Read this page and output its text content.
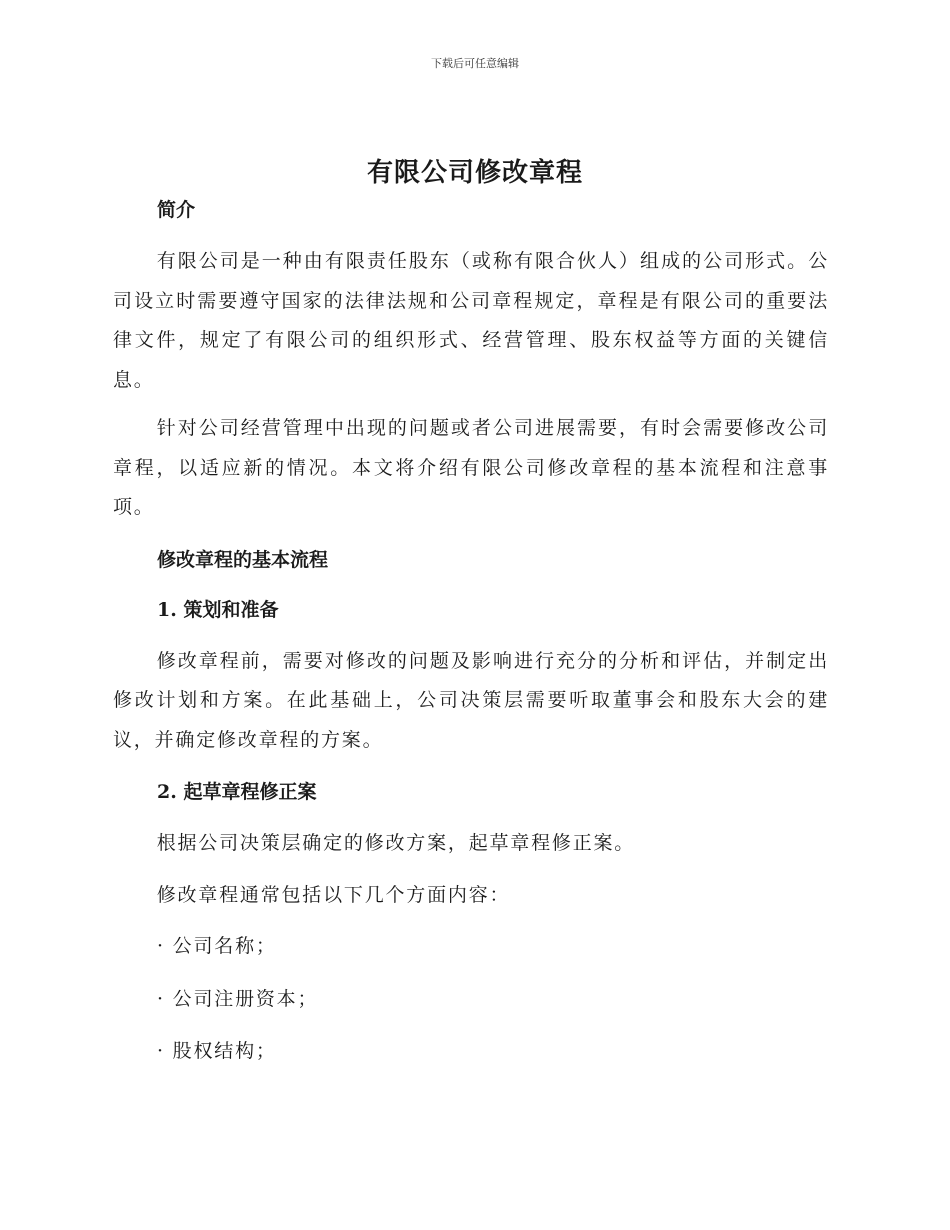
下载后可任意编辑
有限公司修改章程
简介

有限公司是一种由有限责任股东（或称有限合伙人）组成的公司形式。公司设立时需要遵守国家的法律法规和公司章程规定，章程是有限公司的重要法律文件，规定了有限公司的组织形式、经营管理、股东权益等方面的关键信息。

针对公司经营管理中出现的问题或者公司进展需要，有时会需要修改公司章程，以适应新的情况。本文将介绍有限公司修改章程的基本流程和注意事项。

修改章程的基本流程
1. 策划和准备

修改章程前，需要对修改的问题及影响进行充分的分析和评估，并制定出修改计划和方案。在此基础上，公司决策层需要听取董事会和股东大会的建议，并确定修改章程的方案。

2. 起草章程修正案

根据公司决策层确定的修改方案，起草章程修正案。

修改章程通常包括以下几个方面内容：

· 公司名称；
· 公司注册资本；
· 股权结构；
